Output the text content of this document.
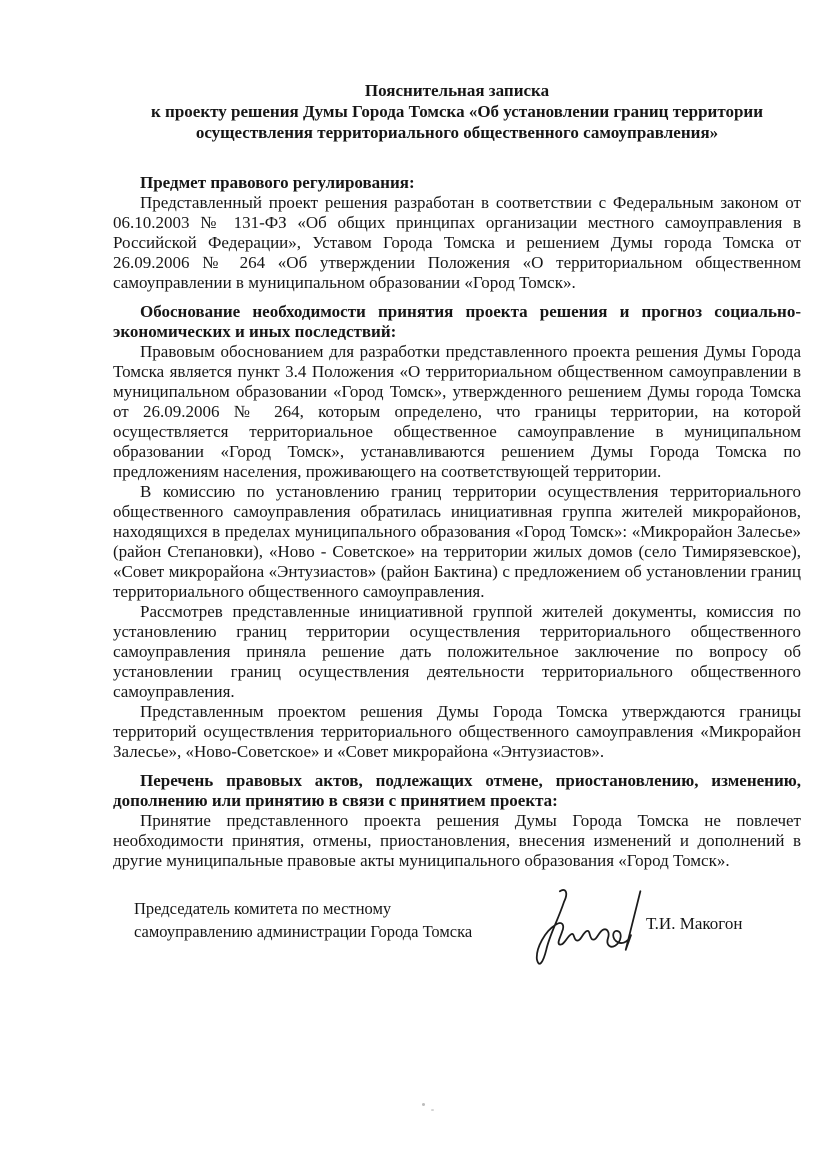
Пояснительная записка
к проекту решения Думы Города Томска «Об установлении границ территории
осуществления территориального общественного самоуправления»

Предмет правового регулирования:

Представленный проект решения разработан в соответствии с Федеральным законом от 06.10.2003 № 131-ФЗ «Об общих принципах организации местного самоуправления в Российской Федерации», Уставом Города Томска и решением Думы города Томска от 26.09.2006 № 264 «Об утверждении Положения «О территориальном общественном самоуправлении в муниципальном образовании «Город Томск».

Обоснование необходимости принятия проекта решения и прогноз социально-экономических и иных последствий:

Правовым обоснованием для разработки представленного проекта решения Думы Города Томска является пункт 3.4 Положения «О территориальном общественном самоуправлении в муниципальном образовании «Город Томск», утвержденного решением Думы города Томска от 26.09.2006 № 264, которым определено, что границы территории, на которой осуществляется территориальное общественное самоуправление в муниципальном образовании «Город Томск», устанавливаются решением Думы Города Томска по предложениям населения, проживающего на соответствующей территории.

В комиссию по установлению границ территории осуществления территориального общественного самоуправления обратилась инициативная группа жителей микрорайонов, находящихся в пределах муниципального образования «Город Томск»: «Микрорайон Залесье» (район Степановки), «Ново - Советское» на территории жилых домов (село Тимирязевское), «Совет микрорайона «Энтузиастов» (район Бактина) с предложением об установлении границ территориального общественного самоуправления.

Рассмотрев представленные инициативной группой жителей документы, комиссия по установлению границ территории осуществления территориального общественного самоуправления приняла решение дать положительное заключение по вопросу об установлении границ осуществления деятельности территориального общественного самоуправления.

Представленным проектом решения Думы Города Томска утверждаются границы территорий осуществления территориального общественного самоуправления «Микрорайон Залесье», «Ново-Советское» и «Совет микрорайона «Энтузиастов».

Перечень правовых актов, подлежащих отмене, приостановлению, изменению, дополнению или принятию в связи с принятием проекта:

Принятие представленного проекта решения Думы Города Томска не повлечет необходимости принятия, отмены, приостановления, внесения изменений и дополнений в другие муниципальные правовые акты муниципального образования «Город Томск».

Председатель комитета по местному
самоуправлению администрации Города Томска	Т.И. Макогон
